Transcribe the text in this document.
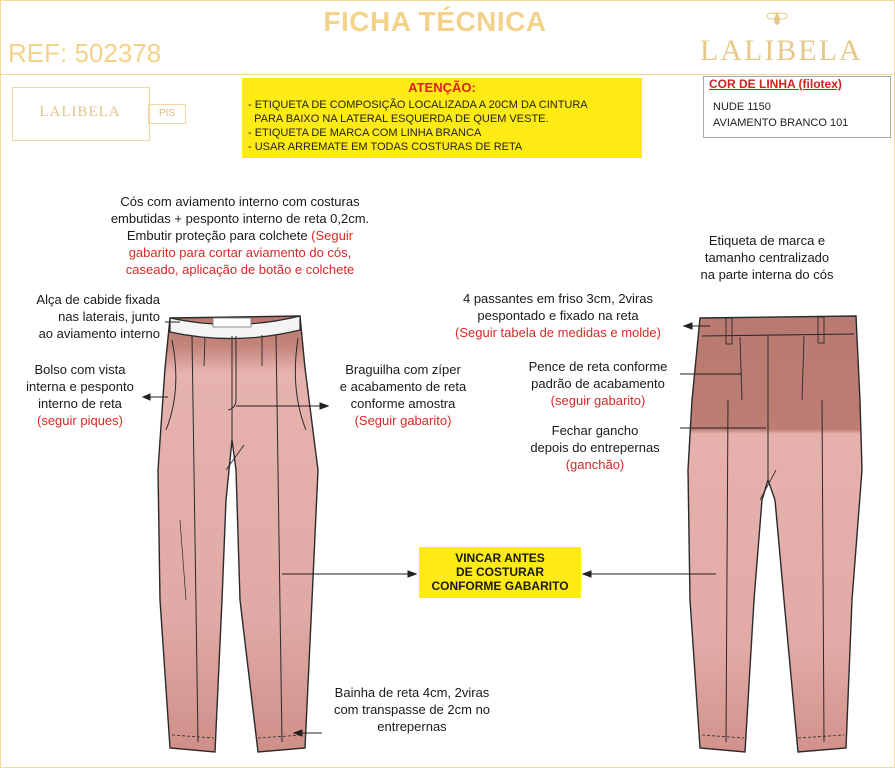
FICHA TÉCNICA
REF: 502378	LALIBELA
LALIBELA	PIS
ATENÇÃO:
- ETIQUETA DE COMPOSIÇÃO LOCALIZADA A 20CM DA CINTURA
PARA BAIXO NA LATERAL ESQUERDA DE QUEM VESTE.
- ETIQUETA DE MARCA COM LINHA BRANCA
- USAR ARREMATE EM TODAS COSTURAS DE RETA
COR DE LINHA (filotex)
NUDE 1150
AVIAMENTO BRANCO 101
Cós com aviamento interno com costuras
embutidas + pesponto interno de reta 0,2cm.
Embutir proteção para colchete (Seguir
gabarito para cortar aviamento do cós,
caseado, aplicação de botão e colchete
Alça de cabide fixada
nas laterais, junto
ao aviamento interno
Bolso com vista
interna e pesponto
interno de reta
(seguir piques)
Braguilha com zíper
e acabamento de reta
conforme amostra
(Seguir gabarito)
Bainha de reta 4cm, 2viras
com transpasse de 2cm no
entrepernas
VINCAR ANTES
DE COSTURAR
CONFORME GABARITO
Etiqueta de marca e
tamanho centralizado
na parte interna do cós
4 passantes em friso 3cm, 2viras
pespontado e fixado na reta
(Seguir tabela de medidas e molde)
Pence de reta conforme
padrão de acabamento
(seguir gabarito)
Fechar gancho
depois do entrepernas
(ganchão)
